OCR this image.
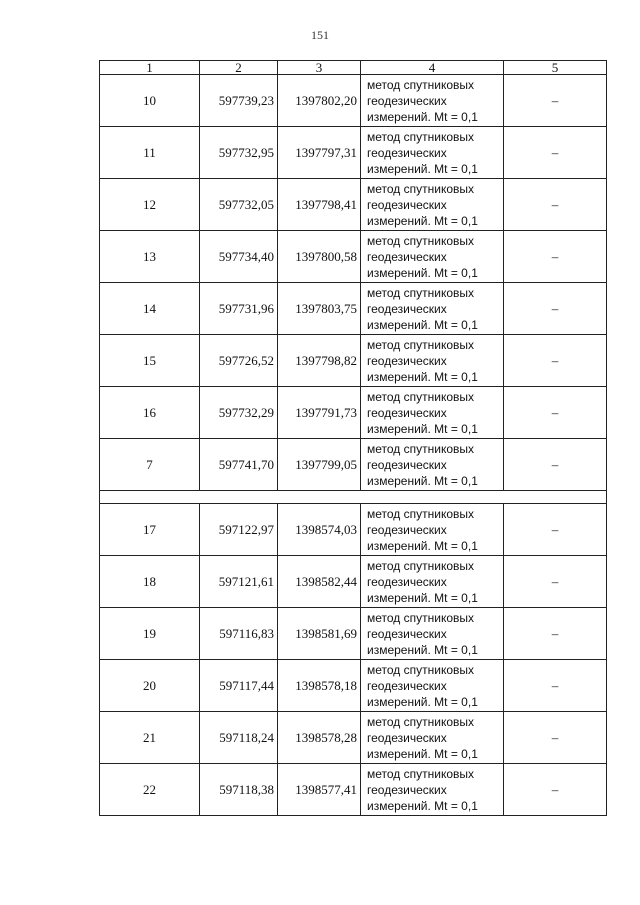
151
1	2	3	4	5
10	597739,23	1397802,20	метод спутниковых
геодезических
измерений. Mt = 0,1	–
11	597732,95	1397797,31	метод спутниковых
геодезических
измерений. Mt = 0,1	–
12	597732,05	1397798,41	метод спутниковых
геодезических
измерений. Mt = 0,1	–
13	597734,40	1397800,58	метод спутниковых
геодезических
измерений. Mt = 0,1	–
14	597731,96	1397803,75	метод спутниковых
геодезических
измерений. Mt = 0,1	–
15	597726,52	1397798,82	метод спутниковых
геодезических
измерений. Mt = 0,1	–
16	597732,29	1397791,73	метод спутниковых
геодезических
измерений. Mt = 0,1	–
7	597741,70	1397799,05	метод спутниковых
геодезических
измерений. Mt = 0,1	–

17	597122,97	1398574,03	метод спутниковых
геодезических
измерений. Mt = 0,1	–
18	597121,61	1398582,44	метод спутниковых
геодезических
измерений. Mt = 0,1	–
19	597116,83	1398581,69	метод спутниковых
геодезических
измерений. Mt = 0,1	–
20	597117,44	1398578,18	метод спутниковых
геодезических
измерений. Mt = 0,1	–
21	597118,24	1398578,28	метод спутниковых
геодезических
измерений. Mt = 0,1	–
22	597118,38	1398577,41	метод спутниковых
геодезических
измерений. Mt = 0,1	–
